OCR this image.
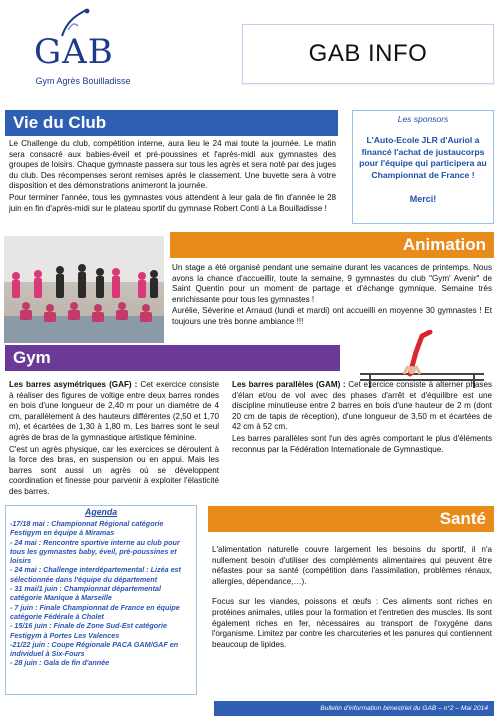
GAB
Gym Agrès Bouilladisse
GAB INFO
Vie du Club

Le Challenge du club, compétition interne, aura lieu le 24 mai toute la journée. Le matin sera consacré aux babies-éveil et pré-poussines et l'après-midi aux gymnastes des groupes de loisirs. Chaque gymnaste passera sur tous les agrès et sera noté par des juges du club. Des récompenses seront remises après le classement. Une buvette sera à votre disposition et des démonstrations animeront la journée.

Pour terminer l'année, tous les gymnastes vous attendent à leur gala de fin d'année le 28 juin en fin d'après-midi sur le plateau sportif du gymnase Robert Conti à La Bouilladisse !

Les sponsors
L'Auto-Ecole JLR d'Auriol a financé l'achat de justaucorps pour l'équipe qui participera au Championnat de France !
Merci!
Animation

Un stage a été organisé pendant une semaine durant les vacances de printemps. Nous avons la chance d'accueillir, toute la semaine, 9 gymnastes du club "Gym' Avenir" de Saint Quentin pour un moment de partage et d'échange gymnique. Semaine très enrichissante pour tous les gymnastes !

Aurélie, Séverine et Arnaud (lundi et mardi) ont accueilli en moyenne 30 gymnastes ! Et toujours une très bonne ambiance !!!

Gym

Les barres asymétriques (GAF) : Cet exercice consiste à réaliser des figures de voltige entre deux barres rondes en bois d'une longueur de 2,40 m pour un diamètre de 4 cm, parallèlement à des hauteurs différentes (2,50 et 1,70 m), et écartées de 1,30 à 1,80 m. Les barres sont le seul agrès de bras de la gymnastique artistique féminine.

C'est un agrès physique, car les exercices se déroulent à la force des bras, en suspension ou en appui. Mais les barres sont aussi un agrès où se développent coordination et finesse pour parvenir à exploiter l'élasticité des barres.

Les barres parallèles (GAM) : Cet exercice consiste à alterner phases d'élan et/ou de vol avec des phases d'arrêt et d'équilibre est une discipline minutieuse entre 2 barres en bois d'une hauteur de 2 m (dont 20 cm de tapis de réception), d'une longueur de 3,50 m et écartées de 42 cm à 52 cm.

Les barres parallèles sont l'un des agrès comportant le plus d'éléments reconnus par la Fédération Internationale de Gymnastique.

Agenda
-17/18 mai : Championnat Régional catégorie Festigym en équipe à Miramas
- 24 mai : Rencontre sportive interne au club pour tous les gymnastes baby, éveil, pré-poussines et loisirs
- 24 mai : Challenge interdépartemental : Lizéa est sélectionnée dans l'équipe du département
- 31 mai/1 juin : Championnat départemental catégorie Manique à Marseille
- 7 juin : Finale Championnat de France en équipe catégorie Fédérale à Cholet
- 15/16 juin : Finale de Zone Sud-Est catégorie Festigym à Portes Les Valences
-21/22 juin : Coupe Régionale PACA GAM/GAF en individuel à Six-Fours
- 28 juin : Gala de fin d'année
Santé

L'alimentation naturelle couvre largement les besoins du sportif, il n'a nullement besoin d'utiliser des compléments alimentaires qui peuvent être néfastes pour sa santé (compétition dans l'assimilation, problèmes rénaux, allergies, dépendance,…).

Focus sur les viandes, poissons et œufs : Ces aliments sont riches en protéines animales, utiles pour la formation et l'entretien des muscles. Ils sont également riches en fer, nécessaires au transport de l'oxygène dans l'organisme. Limitez par contre les charcuteries et les panures qui contiennent beaucoup de lipides.

Bulletin d'information bimestriel du GAB – n°2 – Mai 2014
